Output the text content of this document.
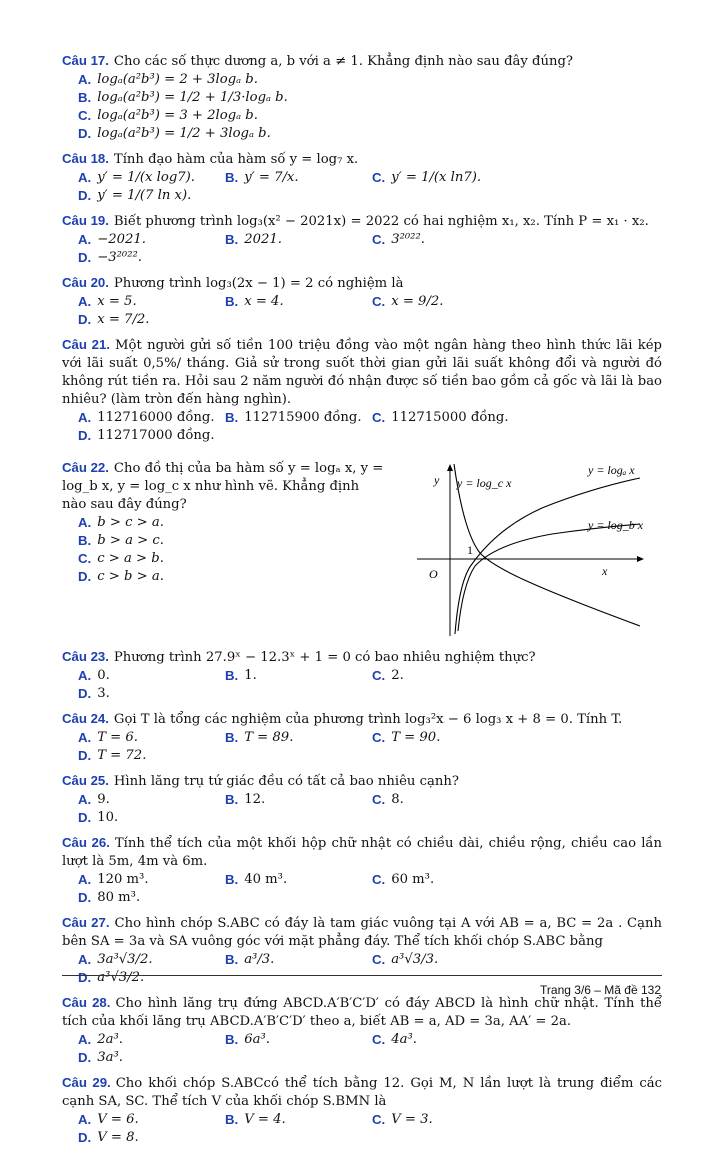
Câu 17. Cho các số thực dương a, b với a ≠ 1. Khẳng định nào sau đây đúng?
A. logₐ(a²b³) = 2 + 3logₐ b.
B. logₐ(a²b³) = 1/2 + 1/3·logₐ b.
C. logₐ(a²b³) = 3 + 2logₐ b.
D. logₐ(a²b³) = 1/2 + 3logₐ b.
Câu 18. Tính đạo hàm của hàm số y = log₇ x.
A. y′ = 1/(x log7). B. y′ = 7/x.	C. y′ = 1/(x ln7).
D. y′ = 1/(7 ln x).
Câu 19. Biết phương trình log₃(x² − 2021x) = 2022 có hai nghiệm x₁, x₂. Tính P = x₁ · x₂.
A. −2021.	B. 2021.	C. 3²⁰²².
D. −3²⁰²².
Câu 20. Phương trình log₃(2x − 1) = 2 có nghiệm là
A. x = 5.	B. x = 4.	C. x = 9/2.
D. x = 7/2.
Câu 21. Một người gửi số tiền 100 triệu đồng vào một ngân hàng theo hình thức lãi kép với lãi suất 0,5%/ tháng. Giả sử trong suốt thời gian gửi lãi suất không đổi và người đó không rút tiền ra. Hỏi sau 2 năm người đó nhận được số tiền bao gồm cả gốc và lãi là bao nhiêu? (làm tròn đến hàng nghìn).
A. 112716000 đồng. B. 112715900 đồng. C. 112715000 đồng.
D. 112717000 đồng.
Câu 22. Cho đồ thị của ba hàm số y = logₐ x, y = log_b x, y = log_c x như hình vẽ. Khẳng định nào sau đây đúng?
A. b > c > a.
B. b > a > c.
C. c > a > b.
D. c > b > a.
y = logₐ x
y = log_b x
y = log_c x
x
y
O
1
Câu 23. Phương trình 27.9ˣ − 12.3ˣ + 1 = 0 có bao nhiêu nghiệm thực?
A. 0.	B. 1.	C. 2.
D. 3.
Câu 24. Gọi T là tổng các nghiệm của phương trình log₃²x − 6 log₃ x + 8 = 0. Tính T.
A. T = 6.	B. T = 89.	C. T = 90.
D. T = 72.
Câu 25. Hình lăng trụ tứ giác đều có tất cả bao nhiêu cạnh?
A. 9.	B. 12.	C. 8.
D. 10.
Câu 26. Tính thể tích của một khối hộp chữ nhật có chiều dài, chiều rộng, chiều cao lần lượt là 5m, 4m và 6m.
A. 120 m³.	B. 40 m³.	C. 60 m³.
D. 80 m³.
Câu 27. Cho hình chóp S.ABC có đáy là tam giác vuông tại A với AB = a, BC = 2a . Cạnh bên SA = 3a và SA vuông góc với mặt phẳng đáy. Thể tích khối chóp S.ABC bằng
A. 3a³√3/2.	B. a³/3.	C. a³√3/3.
D. a³√3/2.
Câu 28. Cho hình lăng trụ đứng ABCD.A′B′C′D′ có đáy ABCD là hình chữ nhật. Tính thể tích của khối lăng trụ ABCD.A′B′C′D′ theo a, biết AB = a, AD = 3a, AA′ = 2a.
A. 2a³.	B. 6a³.	C. 4a³.
D. 3a³.
Câu 29. Cho khối chóp S.ABCcó thể tích bằng 12. Gọi M, N lần lượt là trung điểm các cạnh SA, SC. Thể tích V của khối chóp S.BMN là
A. V = 6.	B. V = 4.	C. V = 3.
D. V = 8.
Trang 3/6 – Mã đề 132
